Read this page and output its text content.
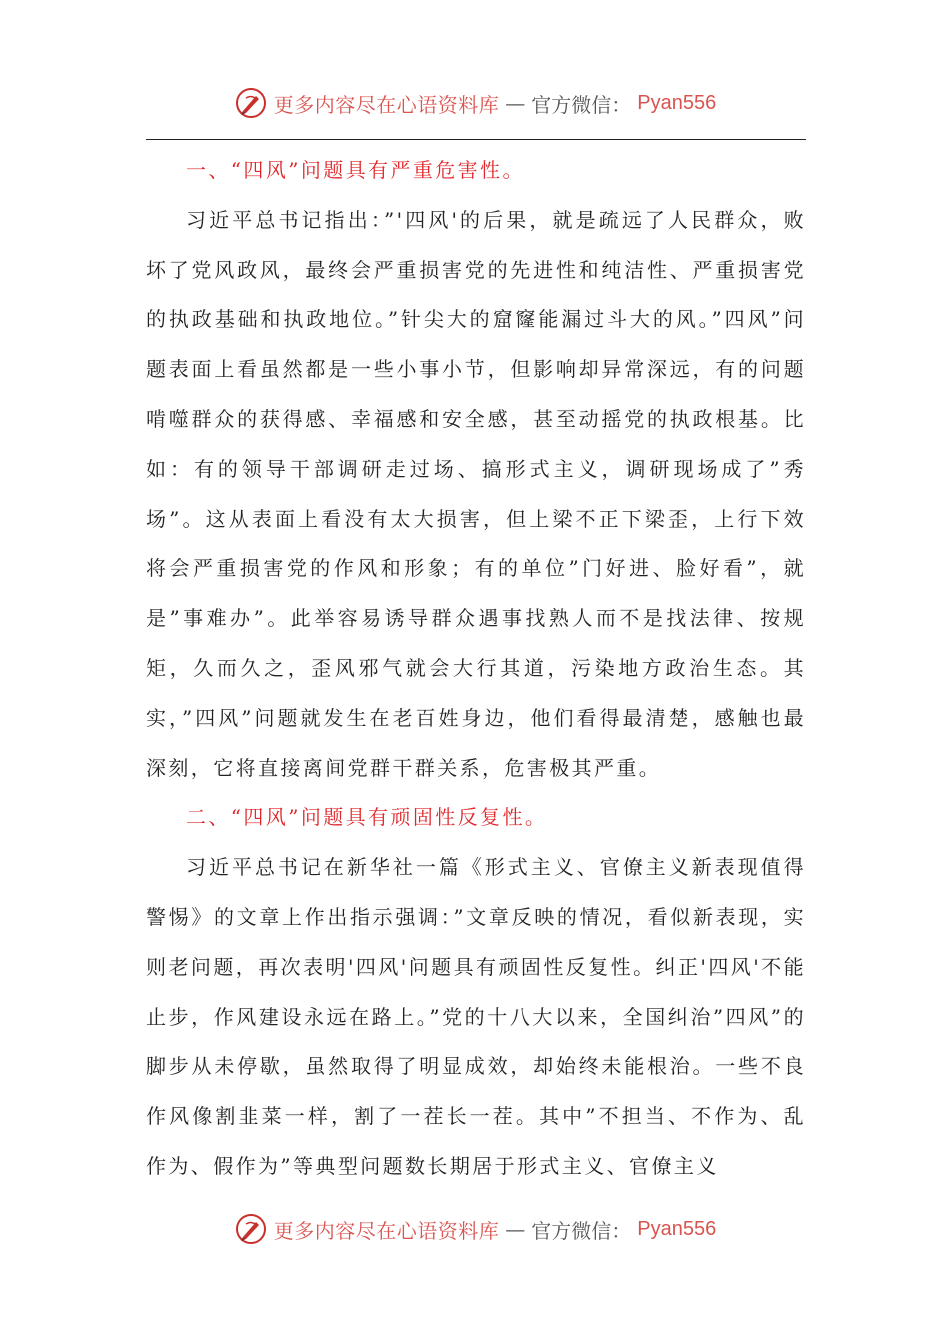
更多内容尽在心语资料库 — 官方微信： Pyan556

一、“四风”问题具有严重危害性。

习近平总书记指出：”'四风'的后果，就是疏远了人民群众，败坏了党风政风，最终会严重损害党的先进性和纯洁性、严重损害党的执政基础和执政地位。”针尖大的窟窿能漏过斗大的风。”四风”问题表面上看虽然都是一些小事小节，但影响却异常深远，有的问题啃噬群众的获得感、幸福感和安全感，甚至动摇党的执政根基。比如：有的领导干部调研走过场、搞形式主义，调研现场成了”秀场”。这从表面上看没有太大损害，但上梁不正下梁歪，上行下效将会严重损害党的作风和形象；有的单位”门好进、脸好看”，就是”事难办”。此举容易诱导群众遇事找熟人而不是找法律、按规矩，久而久之，歪风邪气就会大行其道，污染地方政治生态。其实，”四风”问题就发生在老百姓身边，他们看得最清楚，感触也最深刻，它将直接离间党群干群关系，危害极其严重。

二、“四风”问题具有顽固性反复性。

习近平总书记在新华社一篇《形式主义、官僚主义新表现值得警惕》的文章上作出指示强调：”文章反映的情况，看似新表现，实则老问题，再次表明'四风'问题具有顽固性反复性。纠正'四风'不能止步，作风建设永远在路上。”党的十八大以来，全国纠治”四风”的脚步从未停歇，虽然取得了明显成效，却始终未能根治。一些不良作风像割韭菜一样，割了一茬长一茬。其中”不担当、不作为、乱作为、假作为”等典型问题数长期居于形式主义、官僚主义

更多内容尽在心语资料库 — 官方微信： Pyan556
